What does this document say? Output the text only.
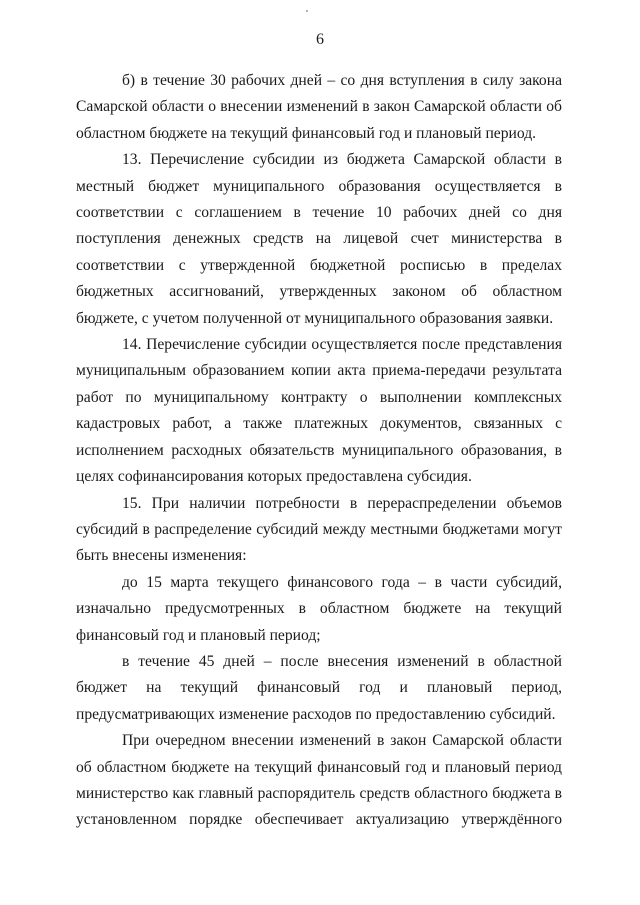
6

б) в течение 30 рабочих дней – со дня вступления в силу закона Самарской области о внесении изменений в закон Самарской области об областном бюджете на текущий финансовый год и плановый период.

13. Перечисление субсидии из бюджета Самарской области в местный бюджет муниципального образования осуществляется в соответствии с соглашением в течение 10 рабочих дней со дня поступления денежных средств на лицевой счет министерства в соответствии с утвержденной бюджетной росписью в пределах бюджетных ассигнований, утвержденных законом об областном бюджете, с учетом полученной от муниципального образования заявки.

14. Перечисление субсидии осуществляется после представления муниципальным образованием копии акта приема-передачи результата работ по муниципальному контракту о выполнении комплексных кадастровых работ, а также платежных документов, связанных с исполнением расходных обязательств муниципального образования, в целях софинансирования которых предоставлена субсидия.

15. При наличии потребности в перераспределении объемов субсидий в распределение субсидий между местными бюджетами могут быть внесены изменения:

до 15 марта текущего финансового года – в части субсидий, изначально предусмотренных в областном бюджете на текущий финансовый год и плановый период;

в течение 45 дней – после внесения изменений в областной бюджет на текущий финансовый год и плановый период, предусматривающих изменение расходов по предоставлению субсидий.

При очередном внесении изменений в закон Самарской области об областном бюджете на текущий финансовый год и плановый период министерство как главный распорядитель средств областного бюджета в установленном порядке обеспечивает актуализацию утверждённого
